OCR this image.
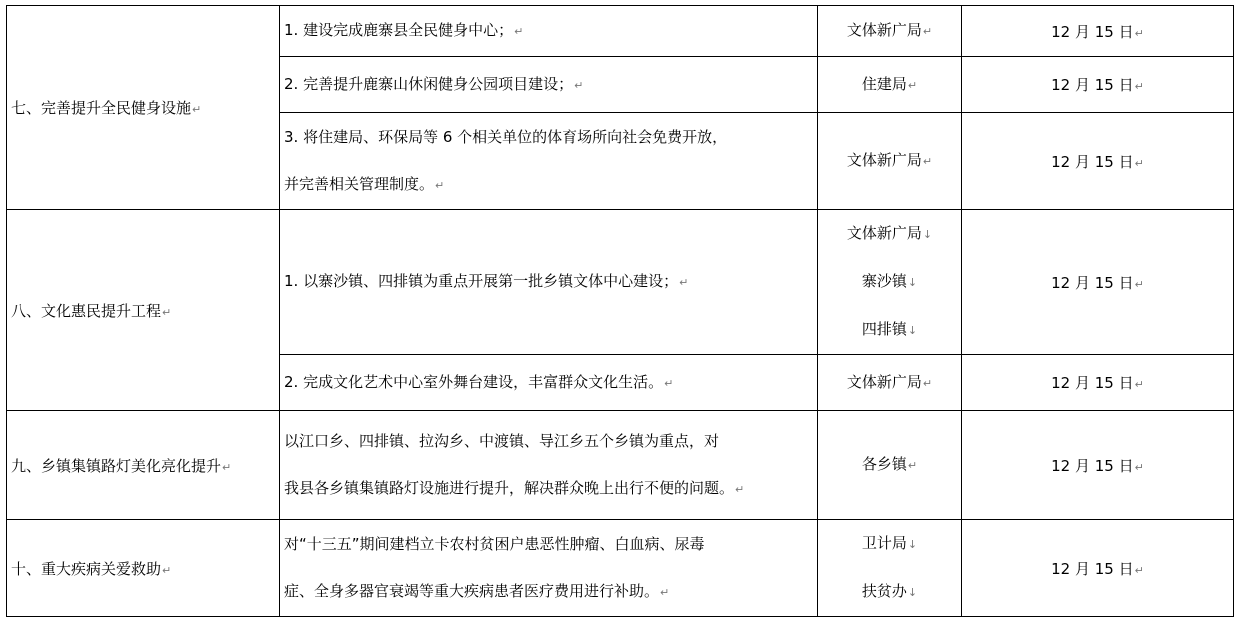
七、完善提升全民健身设施↵	1. 建设完成鹿寨县全民健身中心；↵	文体新广局↵	12 月 15 日↵

	2. 完善提升鹿寨山休闲健身公园项目建设；↵	住建局↵	12 月 15 日↵

	3. 将住建局、环保局等 6 个相关单位的体育场所向社会免费开放，
并完善相关管理制度。↵	文体新广局↵	12 月 15 日↵

八、文化惠民提升工程↵	1. 以寨沙镇、四排镇为重点开展第一批乡镇文体中心建设；↵	文体新广局↓
寨沙镇↓
四排镇↓	12 月 15 日↵

	2. 完成文化艺术中心室外舞台建设，丰富群众文化生活。↵	文体新广局↵	12 月 15 日↵

九、乡镇集镇路灯美化亮化提升↵	以江口乡、四排镇、拉沟乡、中渡镇、导江乡五个乡镇为重点，对
我县各乡镇集镇路灯设施进行提升，解决群众晚上出行不便的问题。↵	各乡镇↵	12 月 15 日↵

十、重大疾病关爱救助↵	对“十三五”期间建档立卡农村贫困户患恶性肿瘤、白血病、尿毒
症、全身多器官衰竭等重大疾病患者医疗费用进行补助。↵	卫计局↓
扶贫办↓	12 月 15 日↵
